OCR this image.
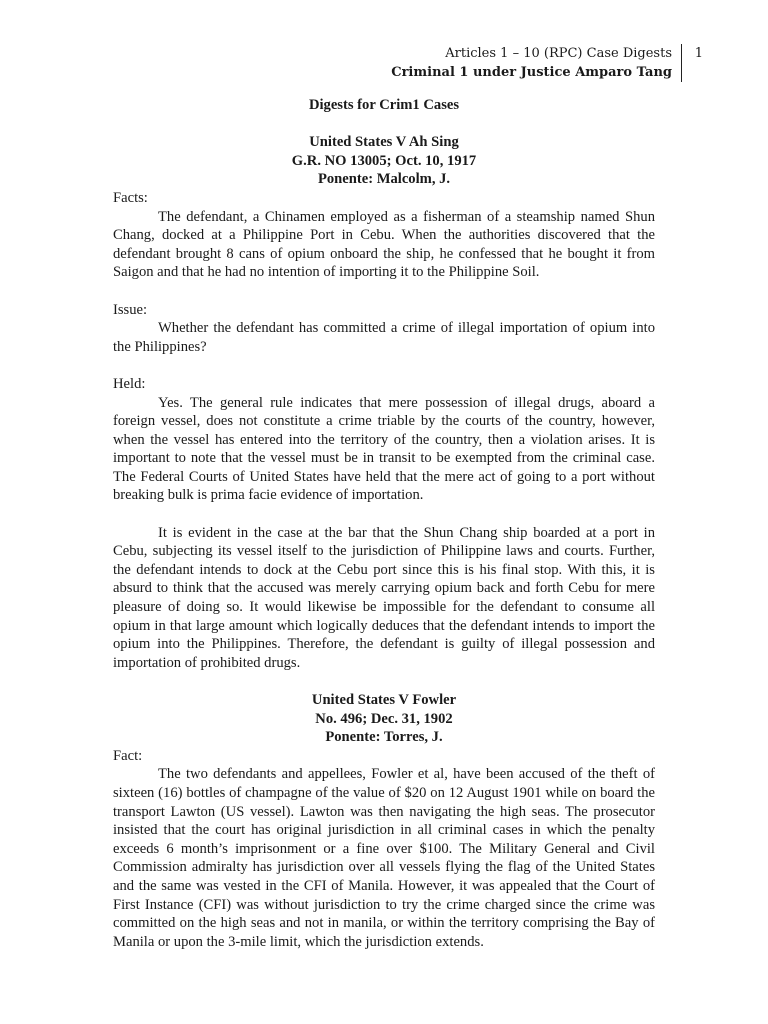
Articles 1 – 10 (RPC) Case Digests
Criminal 1 under Justice Amparo Tang
1

Digests for Crim1 Cases

United States V Ah Sing

G.R. NO 13005; Oct. 10, 1917

Ponente: Malcolm, J.

Facts:

The defendant, a Chinamen employed as a fisherman of a steamship named Shun Chang, docked at a Philippine Port in Cebu. When the authorities discovered that the defendant brought 8 cans of opium onboard the ship, he confessed that he bought it from Saigon and that he had no intention of importing it to the Philippine Soil.

Issue:

Whether the defendant has committed a crime of illegal importation of opium into the Philippines?

Held:

Yes. The general rule indicates that mere possession of illegal drugs, aboard a foreign vessel, does not constitute a crime triable by the courts of the country, however, when the vessel has entered into the territory of the country, then a violation arises. It is important to note that the vessel must be in transit to be exempted from the criminal case. The Federal Courts of United States have held that the mere act of going to a port without breaking bulk is prima facie evidence of importation.

It is evident in the case at the bar that the Shun Chang ship boarded at a port in Cebu, subjecting its vessel itself to the jurisdiction of Philippine laws and courts. Further, the defendant intends to dock at the Cebu port since this is his final stop. With this, it is absurd to think that the accused was merely carrying opium back and forth Cebu for mere pleasure of doing so. It would likewise be impossible for the defendant to consume all opium in that large amount which logically deduces that the defendant intends to import the opium into the Philippines. Therefore, the defendant is guilty of illegal possession and importation of prohibited drugs.

United States V Fowler

No. 496; Dec. 31, 1902

Ponente: Torres, J.

Fact:

The two defendants and appellees, Fowler et al, have been accused of the theft of sixteen (16) bottles of champagne of the value of $20 on 12 August 1901 while on board the transport Lawton (US vessel). Lawton was then navigating the high seas. The prosecutor insisted that the court has original jurisdiction in all criminal cases in which the penalty exceeds 6 month’s imprisonment or a fine over $100. The Military General and Civil Commission admiralty has jurisdiction over all vessels flying the flag of the United States and the same was vested in the CFI of Manila. However, it was appealed that the Court of First Instance (CFI) was without jurisdiction to try the crime charged since the crime was committed on the high seas and not in manila, or within the territory comprising the Bay of Manila or upon the 3-mile limit, which the jurisdiction extends.
